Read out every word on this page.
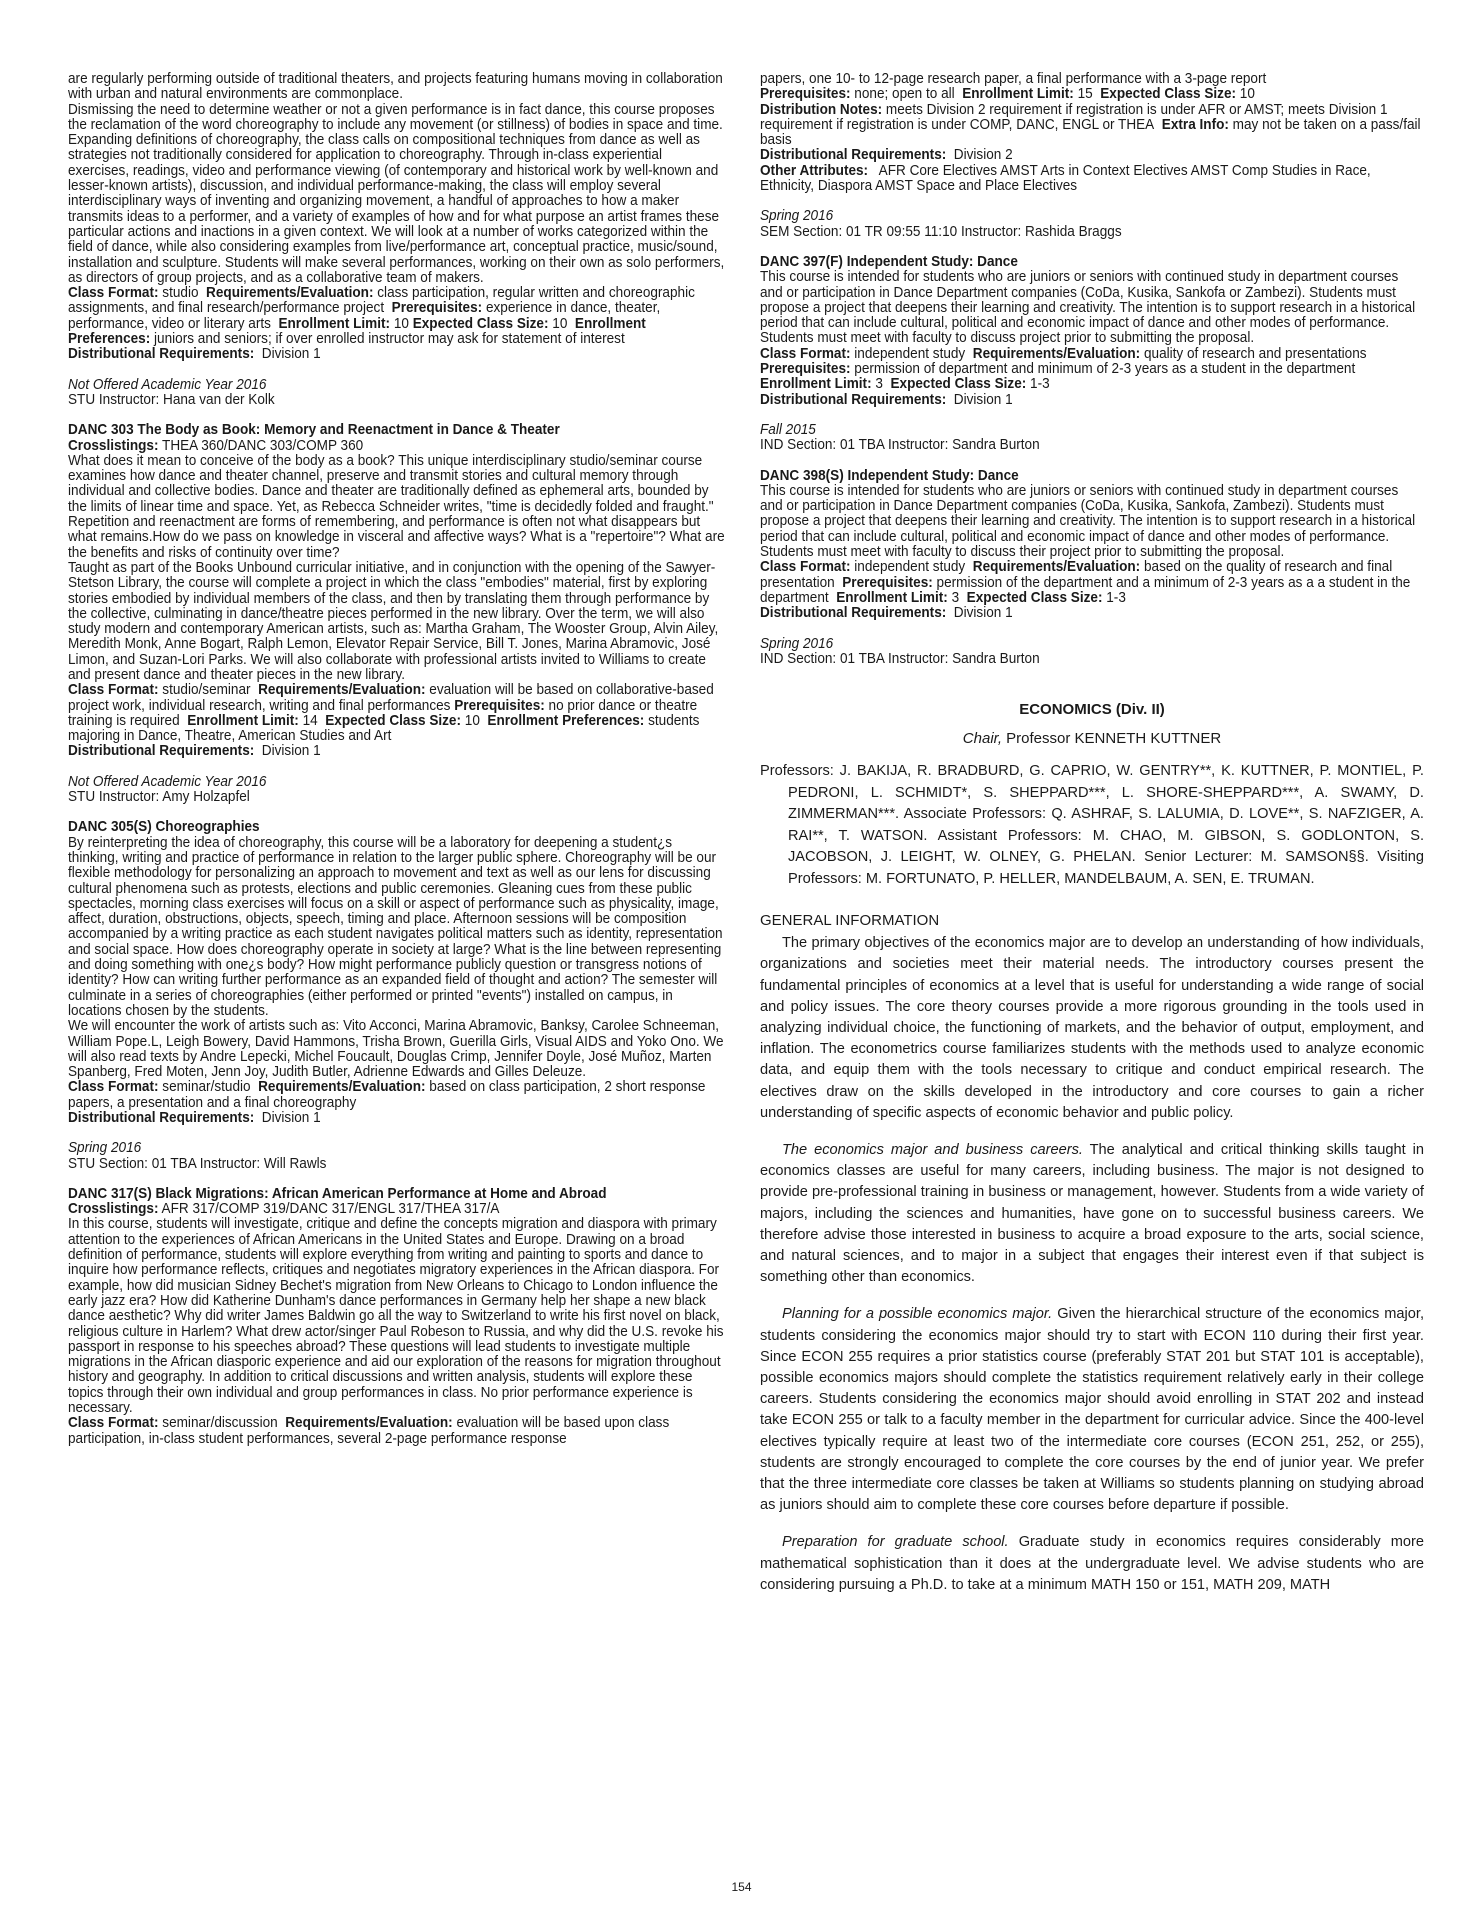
are regularly performing outside of traditional theaters, and projects featuring humans moving in collaboration with urban and natural environments are commonplace.

Dismissing the need to determine weather or not a given performance is in fact dance, this course proposes the reclamation of the word choreography to include any movement (or stillness) of bodies in space and time. Expanding definitions of choreography, the class calls on compositional techniques from dance as well as strategies not traditionally considered for application to choreography. Through in-class experiential exercises, readings, video and performance viewing (of contemporary and historical work by well-known and lesser-known artists), discussion, and individual performance-making, the class will employ several interdisciplinary ways of inventing and organizing movement, a handful of approaches to how a maker transmits ideas to a performer, and a variety of examples of how and for what purpose an artist frames these particular actions and inactions in a given context. We will look at a number of works categorized within the field of dance, while also considering examples from live/performance art, conceptual practice, music/sound, installation and sculpture. Students will make several performances, working on their own as solo performers, as directors of group projects, and as a collaborative team of makers.

Class Format: studio Requirements/Evaluation: class participation, regular written and choreographic assignments, and final research/performance project Prerequisites: experience in dance, theater, performance, video or literary arts Enrollment Limit: 10 Expected Class Size: 10 Enrollment Preferences: juniors and seniors; if over enrolled instructor may ask for statement of interest

Distributional Requirements: Division 1

Not Offered Academic Year 2016

STU Instructor: Hana van der Kolk

DANC 303 The Body as Book: Memory and Reenactment in Dance & Theater

Crosslistings: THEA 360/DANC 303/COMP 360

What does it mean to conceive of the body as a book? This unique interdisciplinary studio/seminar course examines how dance and theater channel, preserve and transmit stories and cultural memory through individual and collective bodies. Dance and theater are traditionally defined as ephemeral arts, bounded by the limits of linear time and space. Yet, as Rebecca Schneider writes, "time is decidedly folded and fraught." Repetition and reenactment are forms of remembering, and performance is often not what disappears but what remains.How do we pass on knowledge in visceral and affective ways? What is a "repertoire"? What are the benefits and risks of continuity over time?

Taught as part of the Books Unbound curricular initiative, and in conjunction with the opening of the Sawyer-Stetson Library, the course will complete a project in which the class "embodies" material, first by exploring stories embodied by individual members of the class, and then by translating them through performance by the collective, culminating in dance/theatre pieces performed in the new library. Over the term, we will also study modern and contemporary American artists, such as: Martha Graham, The Wooster Group, Alvin Ailey, Meredith Monk, Anne Bogart, Ralph Lemon, Elevator Repair Service, Bill T. Jones, Marina Abramovic, José Limon, and Suzan-Lori Parks. We will also collaborate with professional artists invited to Williams to create and present dance and theater pieces in the new library.

Class Format: studio/seminar Requirements/Evaluation: evaluation will be based on collaborative-based project work, individual research, writing and final performances Prerequisites: no prior dance or theatre training is required Enrollment Limit: 14 Expected Class Size: 10 Enrollment Preferences: students majoring in Dance, Theatre, American Studies and Art

Distributional Requirements: Division 1

Not Offered Academic Year 2016

STU Instructor: Amy Holzapfel

DANC 305(S) Choreographies

By reinterpreting the idea of choreography, this course will be a laboratory for deepening a student¿s thinking, writing and practice of performance in relation to the larger public sphere. Choreography will be our flexible methodology for personalizing an approach to movement and text as well as our lens for discussing cultural phenomena such as protests, elections and public ceremonies. Gleaning cues from these public spectacles, morning class exercises will focus on a skill or aspect of performance such as physicality, image, affect, duration, obstructions, objects, speech, timing and place. Afternoon sessions will be composition accompanied by a writing practice as each student navigates political matters such as identity, representation and social space. How does choreography operate in society at large? What is the line between representing and doing something with one¿s body? How might performance publicly question or transgress notions of identity? How can writing further performance as an expanded field of thought and action? The semester will culminate in a series of choreographies (either performed or printed "events") installed on campus, in locations chosen by the students.

We will encounter the work of artists such as: Vito Acconci, Marina Abramovic, Banksy, Carolee Schneeman, William Pope.L, Leigh Bowery, David Hammons, Trisha Brown, Guerilla Girls, Visual AIDS and Yoko Ono. We will also read texts by Andre Lepecki, Michel Foucault, Douglas Crimp, Jennifer Doyle, José Muñoz, Marten Spanberg, Fred Moten, Jenn Joy, Judith Butler, Adrienne Edwards and Gilles Deleuze.

Class Format: seminar/studio Requirements/Evaluation: based on class participation, 2 short response papers, a presentation and a final choreography

Distributional Requirements: Division 1

Spring 2016

STU Section: 01 TBA Instructor: Will Rawls

DANC 317(S) Black Migrations: African American Performance at Home and Abroad

Crosslistings: AFR 317/COMP 319/DANC 317/ENGL 317/THEA 317/A

In this course, students will investigate, critique and define the concepts migration and diaspora with primary attention to the experiences of African Americans in the United States and Europe. Drawing on a broad definition of performance, students will explore everything from writing and painting to sports and dance to inquire how performance reflects, critiques and negotiates migratory experiences in the African diaspora. For example, how did musician Sidney Bechet's migration from New Orleans to Chicago to London influence the early jazz era? How did Katherine Dunham's dance performances in Germany help her shape a new black dance aesthetic? Why did writer James Baldwin go all the way to Switzerland to write his first novel on black, religious culture in Harlem? What drew actor/singer Paul Robeson to Russia, and why did the U.S. revoke his passport in response to his speeches abroad? These questions will lead students to investigate multiple migrations in the African diasporic experience and aid our exploration of the reasons for migration throughout history and geography. In addition to critical discussions and written analysis, students will explore these topics through their own individual and group performances in class. No prior performance experience is necessary.

Class Format: seminar/discussion Requirements/Evaluation: evaluation will be based upon class participation, in-class student performances, several 2-page performance response

papers, one 10- to 12-page research paper, a final performance with a 3-page report

Prerequisites: none; open to all Enrollment Limit: 15 Expected Class Size: 10

Distribution Notes: meets Division 2 requirement if registration is under AFR or AMST; meets Division 1 requirement if registration is under COMP, DANC, ENGL or THEA Extra Info: may not be taken on a pass/fail basis

Distributional Requirements: Division 2

Other Attributes: AFR Core Electives AMST Arts in Context Electives AMST Comp Studies in Race, Ethnicity, Diaspora AMST Space and Place Electives

Spring 2016

SEM Section: 01 TR 09:55 11:10 Instructor: Rashida Braggs

DANC 397(F) Independent Study: Dance

This course is intended for students who are juniors or seniors with continued study in department courses and or participation in Dance Department companies (CoDa, Kusika, Sankofa or Zambezi). Students must propose a project that deepens their learning and creativity. The intention is to support research in a historical period that can include cultural, political and economic impact of dance and other modes of performance. Students must meet with faculty to discuss project prior to submitting the proposal.

Class Format: independent study Requirements/Evaluation: quality of research and presentations  Prerequisites: permission of department and minimum of 2-3 years as a student in the department  Enrollment Limit: 3 Expected Class Size: 1-3

Distributional Requirements: Division 1

Fall 2015

IND Section: 01 TBA Instructor: Sandra Burton

DANC 398(S) Independent Study: Dance

This course is intended for students who are juniors or seniors with continued study in department courses and or participation in Dance Department companies (CoDa, Kusika, Sankofa, Zambezi). Students must propose a project that deepens their learning and creativity. The intention is to support research in a historical period that can include cultural, political and economic impact of dance and other modes of performance. Students must meet with faculty to discuss their project prior to submitting the proposal.

Class Format: independent study Requirements/Evaluation: based on the quality of research and final presentation Prerequisites: permission of the department and a minimum of 2-3 years as a a student in the department Enrollment Limit: 3 Expected Class Size: 1-3

Distributional Requirements: Division 1

Spring 2016

IND Section: 01 TBA Instructor: Sandra Burton

ECONOMICS (Div. II)

Chair, Professor KENNETH KUTTNER

Professors: J. BAKIJA, R. BRADBURD, G. CAPRIO, W. GENTRY**, K. KUTTNER, P. MONTIEL, P. PEDRONI, L. SCHMIDT*, S. SHEPPARD***, L. SHORE-SHEPPARD***, A. SWAMY, D. ZIMMERMAN***. Associate Professors: Q. ASHRAF, S. LALUMIA, D. LOVE**, S. NAFZIGER, A. RAI**, T. WATSON. Assistant Professors: M. CHAO, M. GIBSON, S. GODLONTON, S. JACOBSON, J. LEIGHT, W. OLNEY, G. PHELAN. Senior Lecturer: M. SAMSON§§. Visiting Professors: M. FORTUNATO, P. HELLER, MANDELBAUM, A. SEN, E. TRUMAN.

GENERAL INFORMATION

The primary objectives of the economics major are to develop an understanding of how individuals, organizations and societies meet their material needs. The introductory courses present the fundamental principles of economics at a level that is useful for understanding a wide range of social and policy issues. The core theory courses provide a more rigorous grounding in the tools used in analyzing individual choice, the functioning of markets, and the behavior of output, employment, and inflation. The econometrics course familiarizes students with the methods used to analyze economic data, and equip them with the tools necessary to critique and conduct empirical research. The electives draw on the skills developed in the introductory and core courses to gain a richer understanding of specific aspects of economic behavior and public policy.

The economics major and business careers. The analytical and critical thinking skills taught in economics classes are useful for many careers, including business. The major is not designed to provide pre-professional training in business or management, however. Students from a wide variety of majors, including the sciences and humanities, have gone on to successful business careers. We therefore advise those interested in business to acquire a broad exposure to the arts, social science, and natural sciences, and to major in a subject that engages their interest even if that subject is something other than economics.

Planning for a possible economics major. Given the hierarchical structure of the economics major, students considering the economics major should try to start with ECON 110 during their first year. Since ECON 255 requires a prior statistics course (preferably STAT 201 but STAT 101 is acceptable), possible economics majors should complete the statistics requirement relatively early in their college careers. Students considering the economics major should avoid enrolling in STAT 202 and instead take ECON 255 or talk to a faculty member in the department for curricular advice. Since the 400-level electives typically require at least two of the intermediate core courses (ECON 251, 252, or 255), students are strongly encouraged to complete the core courses by the end of junior year. We prefer that the three intermediate core classes be taken at Williams so students planning on studying abroad as juniors should aim to complete these core courses before departure if possible.

Preparation for graduate school. Graduate study in economics requires considerably more mathematical sophistication than it does at the undergraduate level. We advise students who are considering pursuing a Ph.D. to take at a minimum MATH 150 or 151, MATH 209, MATH

154
